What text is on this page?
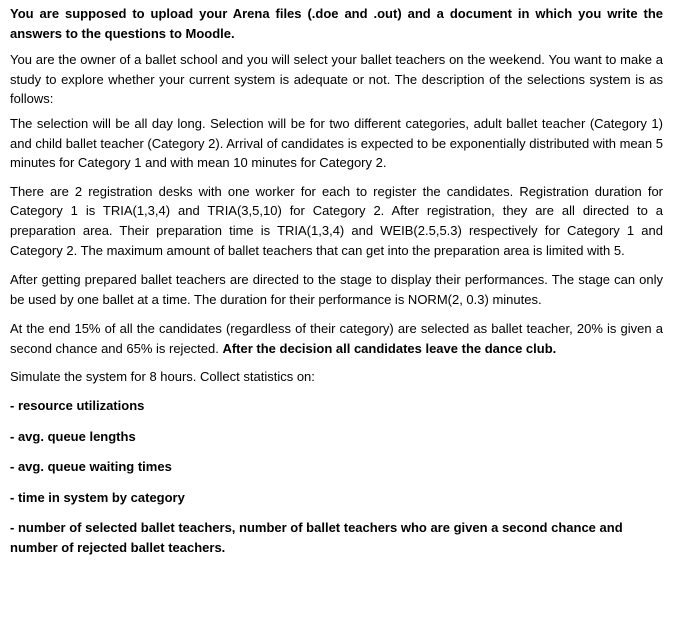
You are supposed to upload your Arena files (.doe and .out) and a document in which you write the answers to the questions to Moodle.

You are the owner of a ballet school and you will select your ballet teachers on the weekend. You want to make a study to explore whether your current system is adequate or not. The description of the selections system is as follows:

The selection will be all day long. Selection will be for two different categories, adult ballet teacher (Category 1) and child ballet teacher (Category 2). Arrival of candidates is expected to be exponentially distributed with mean 5 minutes for Category 1 and with mean 10 minutes for Category 2.

There are 2 registration desks with one worker for each to register the candidates. Registration duration for Category 1 is TRIA(1,3,4) and TRIA(3,5,10) for Category 2. After registration, they are all directed to a preparation area. Their preparation time is TRIA(1,3,4) and WEIB(2.5,5.3) respectively for Category 1 and Category 2. The maximum amount of ballet teachers that can get into the preparation area is limited with 5.

After getting prepared ballet teachers are directed to the stage to display their performances. The stage can only be used by one ballet at a time. The duration for their performance is NORM(2, 0.3) minutes.

At the end 15% of all the candidates (regardless of their category) are selected as ballet teacher, 20% is given a second chance and 65% is rejected. After the decision all candidates leave the dance club.

Simulate the system for 8 hours. Collect statistics on:

- resource utilizations
- avg. queue lengths
- avg. queue waiting times
- time in system by category
- number of selected ballet teachers, number of ballet teachers who are given a second chance and number of rejected ballet teachers.
